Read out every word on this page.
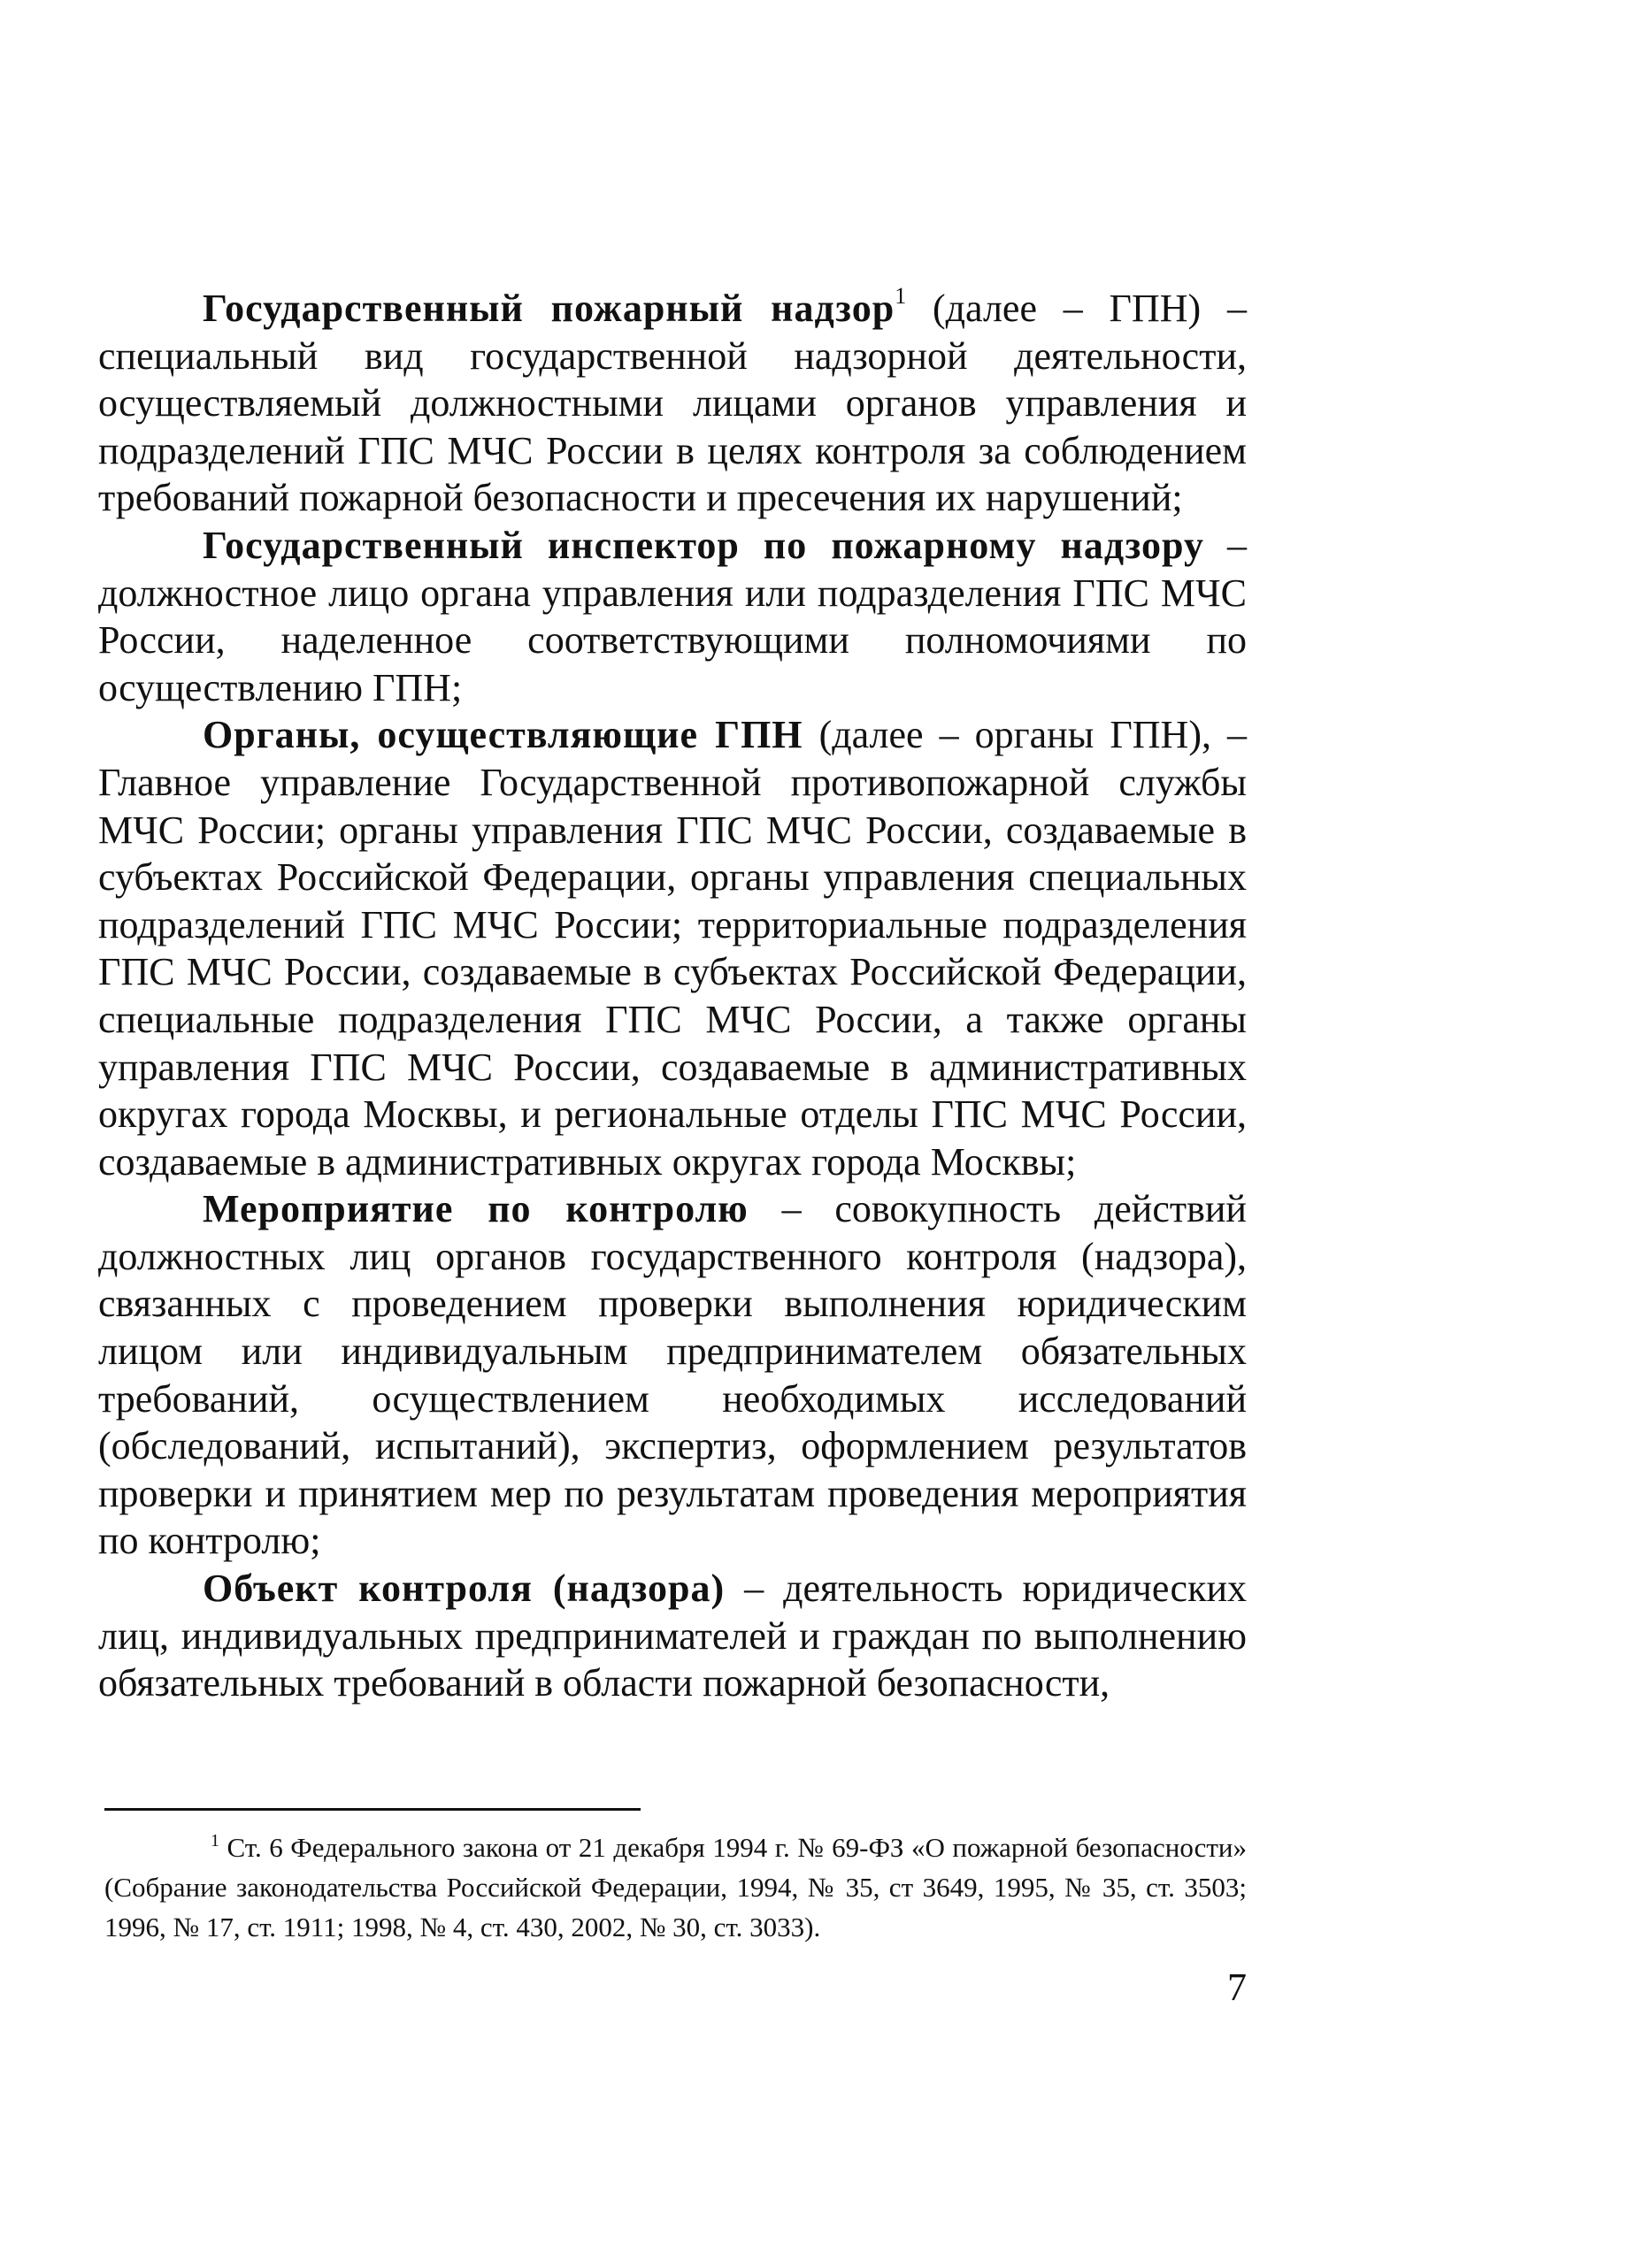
Государственный пожарный надзор$^1$ (далее – ГПН) – специальный вид государственной надзорной деятельности, осуществляемый должностными лицами органов управления и подразделений ГПС МЧС России в целях контроля за соблюдением требований пожарной безопасности и пресечения их нарушений;

Государственный инспектор по пожарному надзору – должностное лицо органа управления или подразделения ГПС МЧС России, наделенное соответствующими полномочиями по осуществлению ГПН;

Органы, осуществляющие ГПН (далее – органы ГПН), – Главное управление Государственной противопожарной службы МЧС России; органы управления ГПС МЧС России, создаваемые в субъектах Российской Федерации, органы управления специальных подразделений ГПС МЧС России; территориальные подразделения ГПС МЧС России, создаваемые в субъектах Российской Федерации, специальные подразделения ГПС МЧС России, а также органы управления ГПС МЧС России, создаваемые в административных округах города Москвы, и региональные отделы ГПС МЧС России, создаваемые в административных округах города Москвы;

Мероприятие по контролю – совокупность действий должностных лиц органов государственного контроля (надзора), связанных с проведением проверки выполнения юридическим лицом или индивидуальным предпринимателем обязательных требований, осуществлением необходимых исследований (обследований, испытаний), экспертиз, оформлением результатов проверки и принятием мер по результатам проведения мероприятия по контролю;

Объект контроля (надзора) – деятельность юридических лиц, индивидуальных предпринимателей и граждан по выполнению обязательных требований в области пожарной безопасности,

$^1$ Ст. 6 Федерального закона от 21 декабря 1994 г. № 69-ФЗ «О пожарной безопасности» (Собрание законодательства Российской Федерации, 1994, № 35, ст 3649, 1995, № 35, ст. 3503; 1996, № 17, ст. 1911; 1998, № 4, ст. 430, 2002, № 30, ст. 3033).

7
